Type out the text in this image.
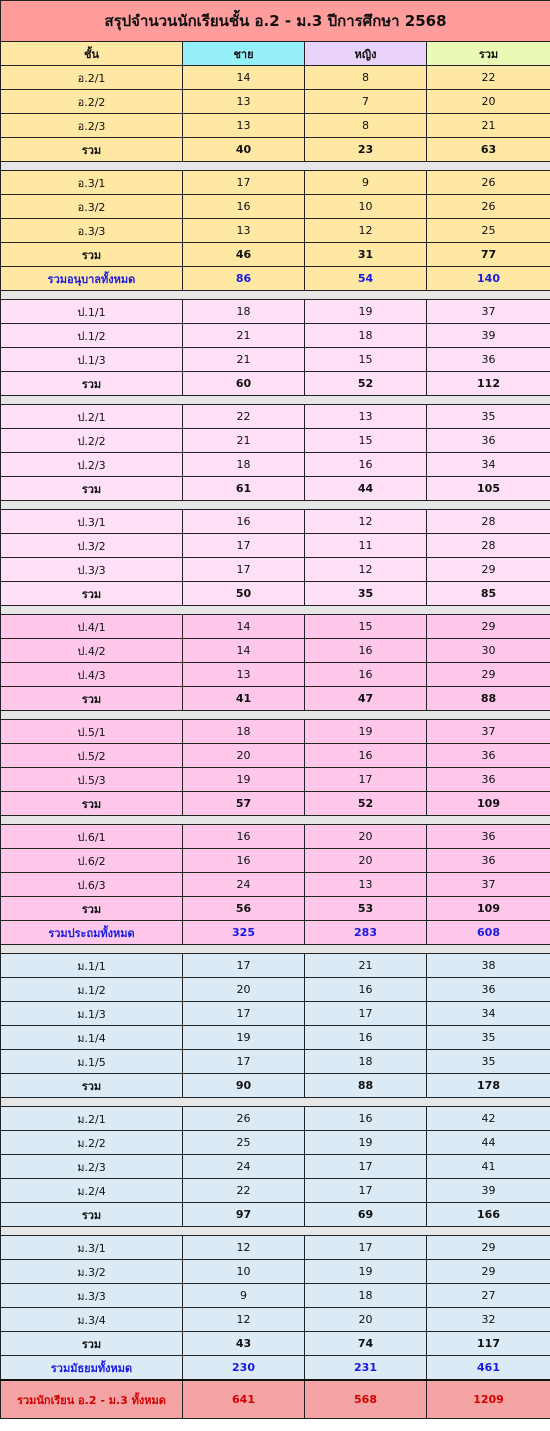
สรุปจำนวนนักเรียนชั้น อ.2 - ม.3 ปีการศึกษา 2568			
ชั้น	ชาย	หญิง	รวม
อ.2/1	14	8	22
อ.2/2	13	7	20
อ.2/3	13	8	21
รวม	40	23	63

อ.3/1	17	9	26
อ.3/2	16	10	26
อ.3/3	13	12	25
รวม	46	31	77
รวมอนุบาลทั้งหมด	86	54	140

ป.1/1	18	19	37
ป.1/2	21	18	39
ป.1/3	21	15	36
รวม	60	52	112

ป.2/1	22	13	35
ป.2/2	21	15	36
ป.2/3	18	16	34
รวม	61	44	105

ป.3/1	16	12	28
ป.3/2	17	11	28
ป.3/3	17	12	29
รวม	50	35	85

ป.4/1	14	15	29
ป.4/2	14	16	30
ป.4/3	13	16	29
รวม	41	47	88

ป.5/1	18	19	37
ป.5/2	20	16	36
ป.5/3	19	17	36
รวม	57	52	109

ป.6/1	16	20	36
ป.6/2	16	20	36
ป.6/3	24	13	37
รวม	56	53	109
รวมประถมทั้งหมด	325	283	608

ม.1/1	17	21	38
ม.1/2	20	16	36
ม.1/3	17	17	34
ม.1/4	19	16	35
ม.1/5	17	18	35
รวม	90	88	178

ม.2/1	26	16	42
ม.2/2	25	19	44
ม.2/3	24	17	41
ม.2/4	22	17	39
รวม	97	69	166

ม.3/1	12	17	29
ม.3/2	10	19	29
ม.3/3	9	18	27
ม.3/4	12	20	32
รวม	43	74	117
รวมมัธยมทั้งหมด	230	231	461
รวมนักเรียน อ.2 - ม.3 ทั้งหมด	641	568	1209
